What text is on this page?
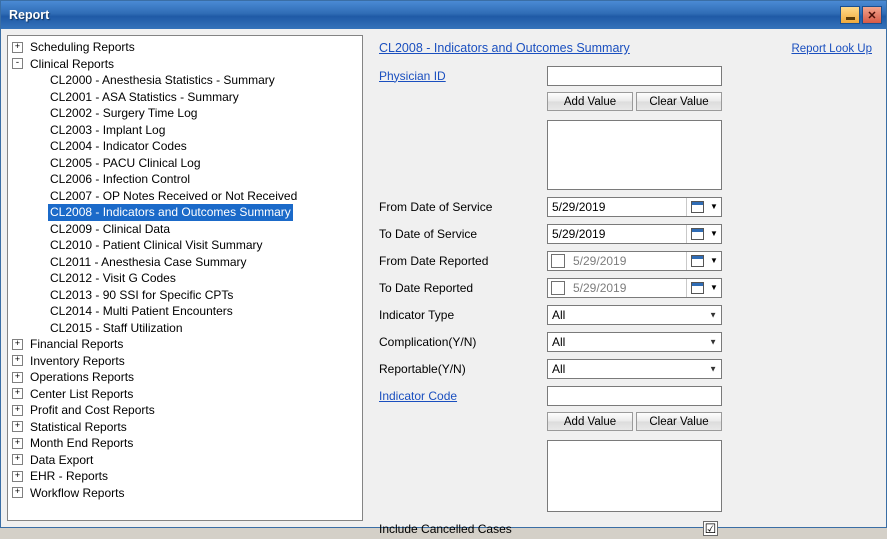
Report	✕
+ Scheduling Reports
- Clinical Reports
CL2000 - Anesthesia Statistics - Summary
CL2001 - ASA Statistics - Summary
CL2002 - Surgery Time Log
CL2003 - Implant Log
CL2004 - Indicator Codes
CL2005 - PACU Clinical Log
CL2006 - Infection Control
CL2007 - OP Notes Received or Not Received
CL2008 - Indicators and Outcomes Summary
CL2009 - Clinical Data
CL2010 - Patient Clinical Visit Summary
CL2011 - Anesthesia Case Summary
CL2012 - Visit G Codes
CL2013 - 90 SSI for Specific CPTs
CL2014 - Multi Patient Encounters
CL2015 - Staff Utilization
+ Financial Reports
+ Inventory Reports
+ Operations Reports
+ Center List Reports
+ Profit and Cost Reports
+ Statistical Reports
+ Month End Reports
+ Data Export
+ EHR - Reports
+ Workflow Reports
CL2008 - Indicators and Outcomes Summary	Report Look Up
Physician ID
Add Value	Clear Value
From Date of Service	5/29/2019	▼
To Date of Service	5/29/2019	▼
From Date Reported	5/29/2019	▼
To Date Reported	5/29/2019	▼
Indicator Type	All	▼
Complication(Y/N)	All	▼
Reportable(Y/N)	All	▼
Indicator Code
Add Value	Clear Value
Include Cancelled Cases	☑
